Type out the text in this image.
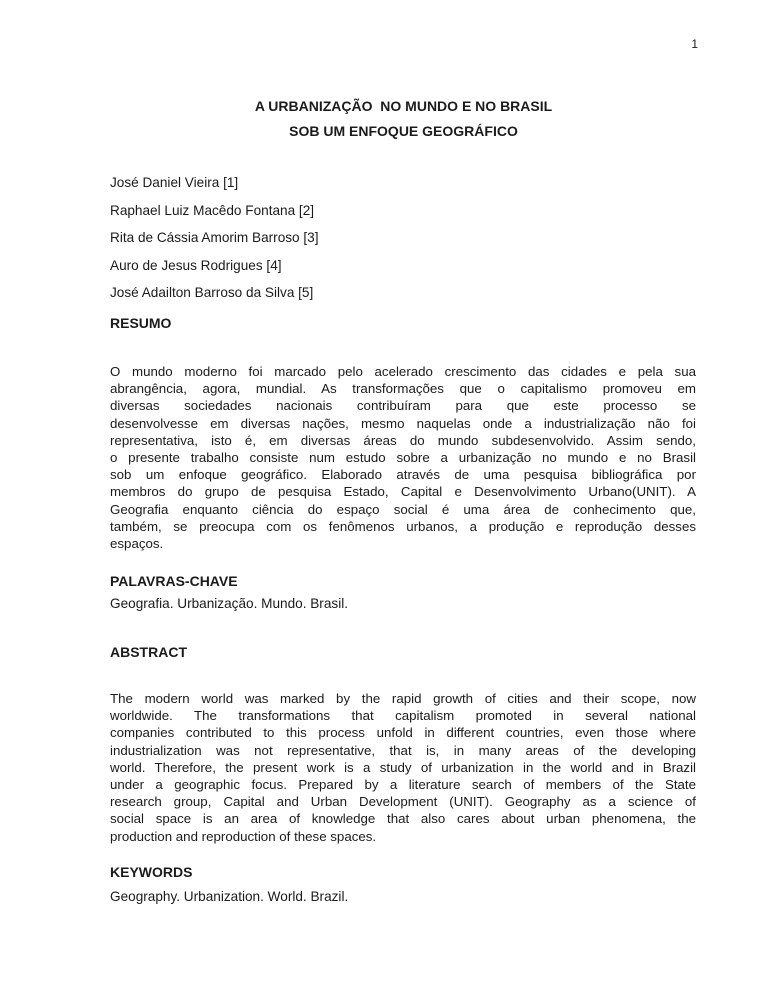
1
A URBANIZAÇÃO  NO MUNDO E NO BRASIL
SOB UM ENFOQUE GEOGRÁFICO
José Daniel Vieira [1]
Raphael Luiz Macêdo Fontana [2]
Rita de Cássia Amorim Barroso [3]
Auro de Jesus Rodrigues [4]
José Adailton Barroso da Silva [5]
RESUMO
O mundo moderno foi marcado pelo acelerado crescimento das cidades e pela sua
abrangência, agora, mundial. As transformações que o capitalismo promoveu em
diversas sociedades nacionais contribuíram para que este processo se
desenvolvesse em diversas nações, mesmo naquelas onde a industrialização não foi
representativa, isto é, em diversas áreas do mundo subdesenvolvido. Assim sendo,
o presente trabalho consiste num estudo sobre a urbanização no mundo e no Brasil
sob um enfoque geográfico. Elaborado através de uma pesquisa bibliográfica por
membros do grupo de pesquisa Estado, Capital e Desenvolvimento Urbano(UNIT). A
Geografia enquanto ciência do espaço social é uma área de conhecimento que,
também, se preocupa com os fenômenos urbanos, a produção e reprodução desses
espaços.
PALAVRAS-CHAVE
Geografia. Urbanização. Mundo. Brasil.
ABSTRACT
The modern world was marked by the rapid growth of cities and their scope, now
worldwide. The transformations that capitalism promoted in several national
companies contributed to this process unfold in different countries, even those where
industrialization was not representative, that is, in many areas of the developing
world. Therefore, the present work is a study of urbanization in the world and in Brazil
under a geographic focus. Prepared by a literature search of members of the State
research group, Capital and Urban Development (UNIT). Geography as a science of
social space is an area of knowledge that also cares about urban phenomena, the
production and reproduction of these spaces.
KEYWORDS
Geography. Urbanization. World. Brazil.
